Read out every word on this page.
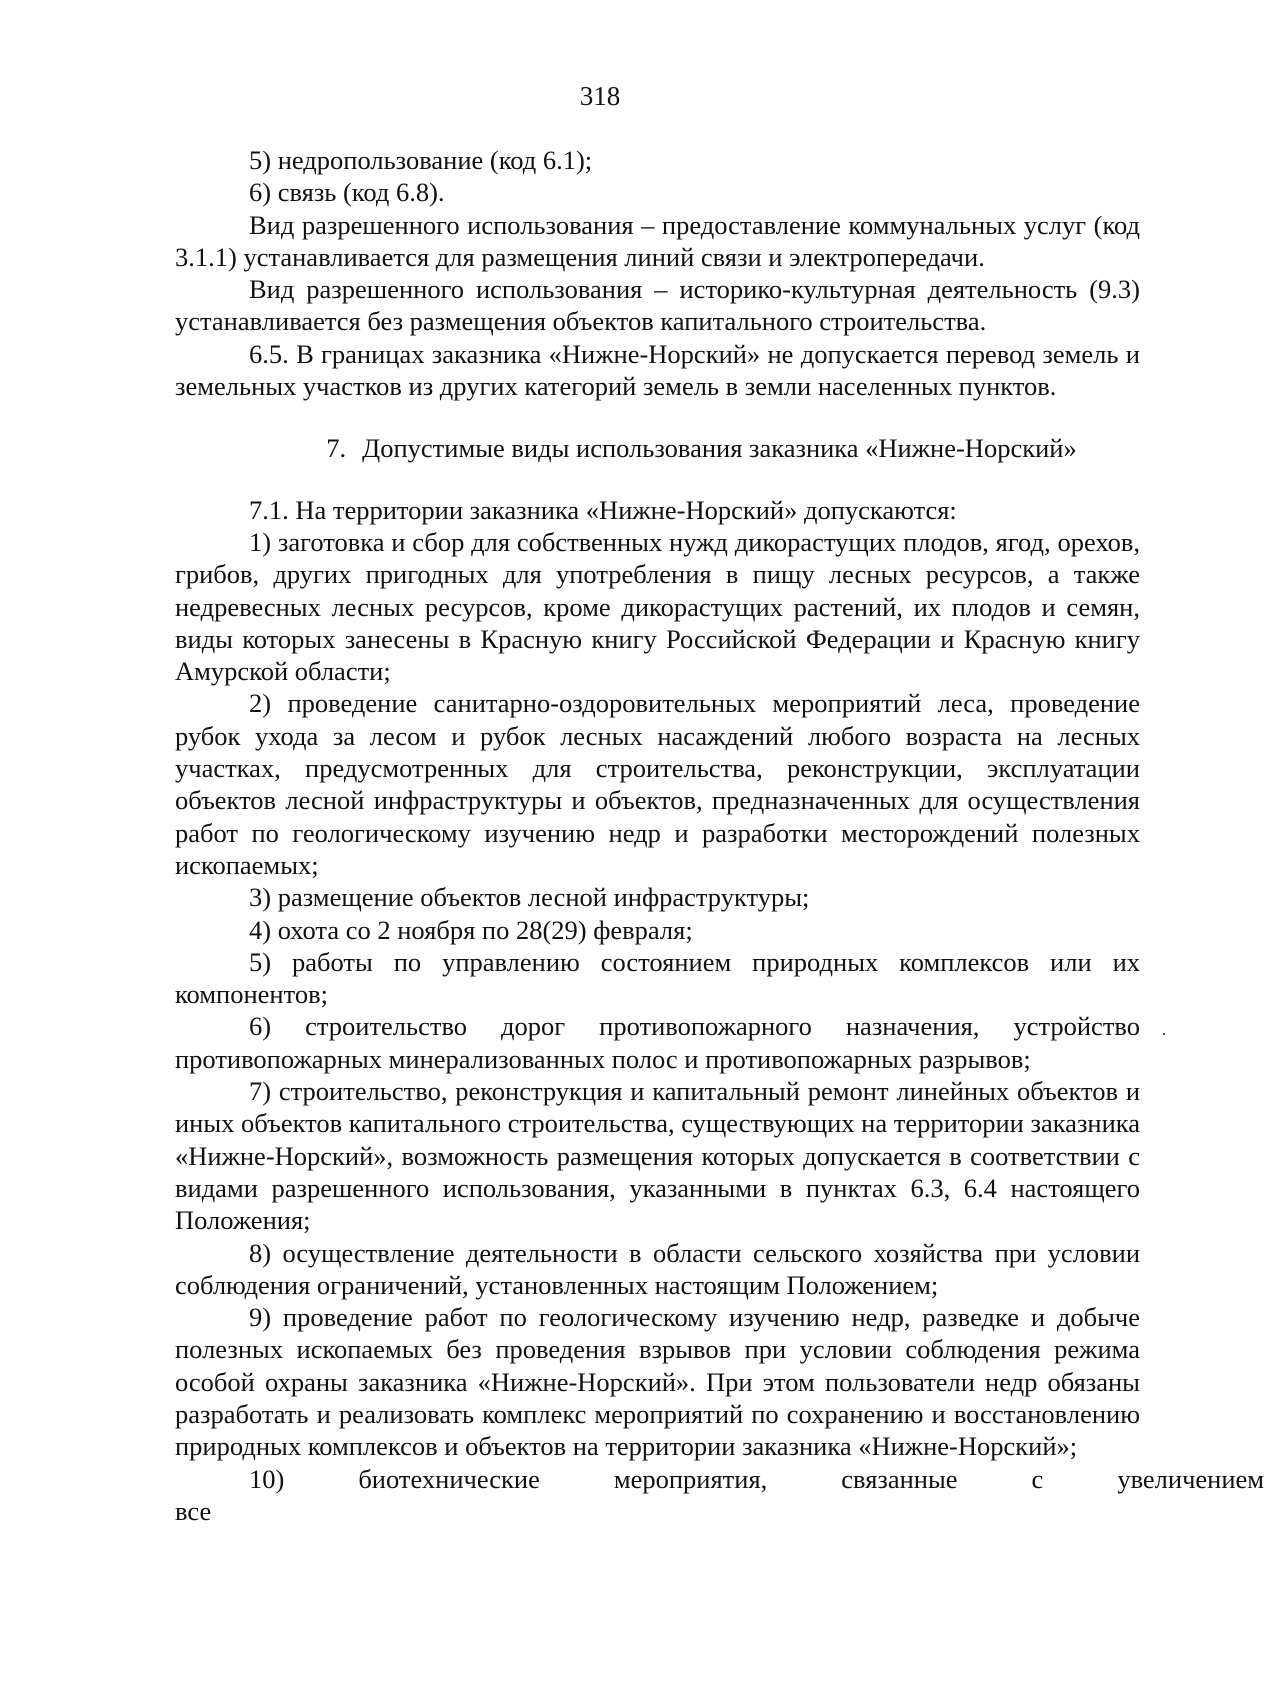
318

5) недропользование (код 6.1);

6) связь (код 6.8).

Вид разрешенного использования – предоставление коммунальных услуг (код 3.1.1) устанавливается для размещения линий связи и электропередачи.

Вид разрешенного использования – историко-культурная деятельность (9.3) устанавливается без размещения объектов капитального строительства.

6.5. В границах заказника «Нижне-Норский» не допускается перевод земель и земельных участков из других категорий земель в земли населенных пунктов.

7. Допустимые виды использования заказника «Нижне-Норский»

7.1. На территории заказника «Нижне-Норский» допускаются:

1) заготовка и сбор для собственных нужд дикорастущих плодов, ягод, орехов, грибов, других пригодных для употребления в пищу лесных ресурсов, а также недревесных лесных ресурсов, кроме дикорастущих растений, их плодов и семян, виды которых занесены в Красную книгу Российской Федерации и Красную книгу Амурской области;

2) проведение санитарно-оздоровительных мероприятий леса, проведение рубок ухода за лесом и рубок лесных насаждений любого возраста на лесных участках, предусмотренных для строительства, реконструкции, эксплуатации объектов лесной инфраструктуры и объектов, предназначенных для осуществления работ по геологическому изучению недр и разработки месторождений полезных ископаемых;

3) размещение объектов лесной инфраструктуры;

4) охота со 2 ноября по 28(29) февраля;

5) работы по управлению состоянием природных комплексов или их компонентов;

6) строительство дорог противопожарного назначения, устройство противопожарных минерализованных полос и противопожарных разрывов;

7) строительство, реконструкция и капитальный ремонт линейных объектов и иных объектов капитального строительства, существующих на территории заказника «Нижне-Норский», возможность размещения которых допускается в соответствии с видами разрешенного использования, указанными в пунктах 6.3, 6.4 настоящего Положения;

8) осуществление деятельности в области сельского хозяйства при условии соблюдения ограничений, установленных настоящим Положением;

9) проведение работ по геологическому изучению недр, разведке и добыче полезных ископаемых без проведения взрывов при условии соблюдения режима особой охраны заказника «Нижне-Норский». При этом пользователи недр обязаны разработать и реализовать комплекс мероприятий по сохранению и восстановлению природных комплексов и объектов на территории заказника «Нижне-Норский»;

10) все
биотехнические	мероприятия,	связанные	с	увеличением
